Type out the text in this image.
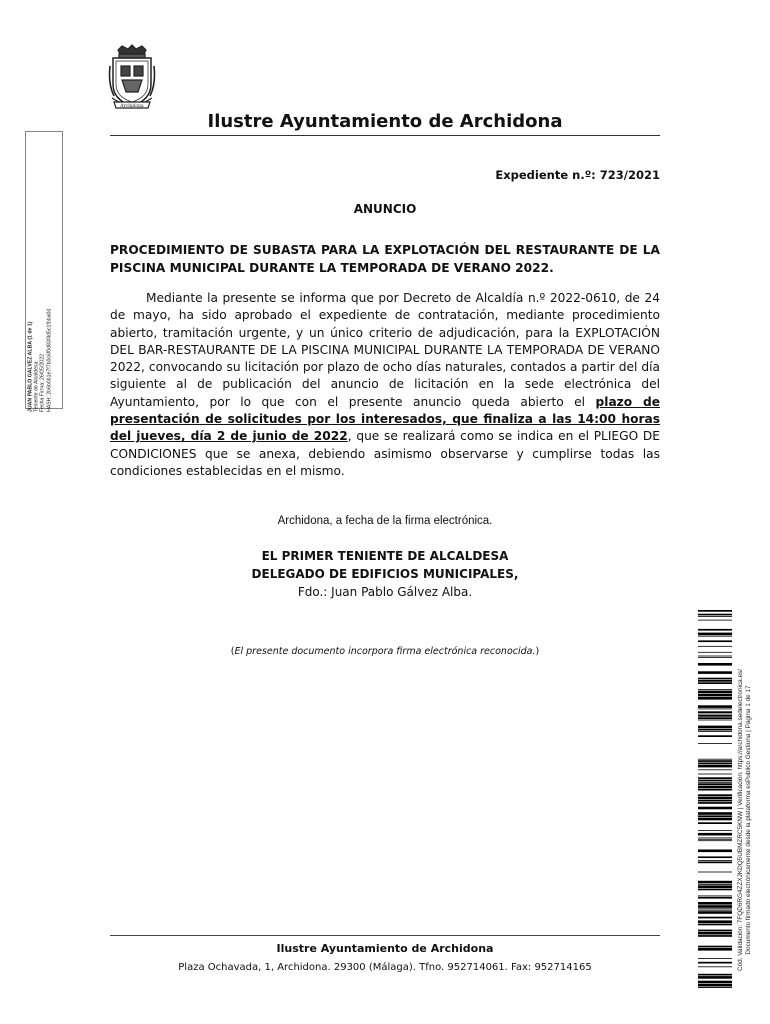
Archidona
Ilustre Ayuntamiento de Archidona
Expediente n.º: 723/2021
ANUNCIO
PROCEDIMIENTO DE SUBASTA PARA LA EXPLOTACIÓN DEL RESTAURANTE DE LA PISCINA MUNICIPAL DURANTE LA TEMPORADA DE VERANO 2022.
Mediante la presente se informa que por Decreto de Alcaldía n.º 2022-0610, de 24 de mayo, ha sido aprobado el expediente de contratación, mediante procedimiento abierto, tramitación urgente, y un único criterio de adjudicación, para la EXPLOTACIÓN DEL BAR-RESTAURANTE DE LA PISCINA MUNICIPAL DURANTE LA TEMPORADA DE VERANO 2022, convocando su licitación por plazo de ocho días naturales, contados a partir del día siguiente al de publicación del anuncio de licitación en la sede electrónica del Ayuntamiento, por lo que con el presente anuncio queda abierto el plazo de presentación de solicitudes por los interesados, que finaliza a las 14:00 horas del jueves, día 2 de junio de 2022, que se realizará como se indica en el PLIEGO DE CONDICIONES que se anexa, debiendo asimismo observarse y cumplirse todas las condiciones establecidas en el mismo.
Archidona, a fecha de la firma electrónica.
EL PRIMER TENIENTE DE ALCALDESA
DELEGADO DE EDIFICIOS MUNICIPALES,
Fdo.: Juan Pablo Gálvez Alba.
(El presente documento incorpora firma electrónica reconocida.)
Ilustre Ayuntamiento de Archidona
Plaza Ochavada, 1, Archidona. 29300 (Málaga). Tfno. 952714061. Fax: 952714165
JUAN PABLO GALVEZ ALBA (1 de 1) Teniente de Alcaldesa Fecha Firma: 26/05/2022 HASH: 2b6b0b1e7f7b0c6f0d83f4d5c1fbba0d
Cód. Validación: 7FQD6RG4ZZXJKDQ5UBMZRC5KNW | Verificación: https://archidona.sedelectronica.es/ Documento firmado electrónicamente desde la plataforma esPublico Gestiona | Página 1 de 17
